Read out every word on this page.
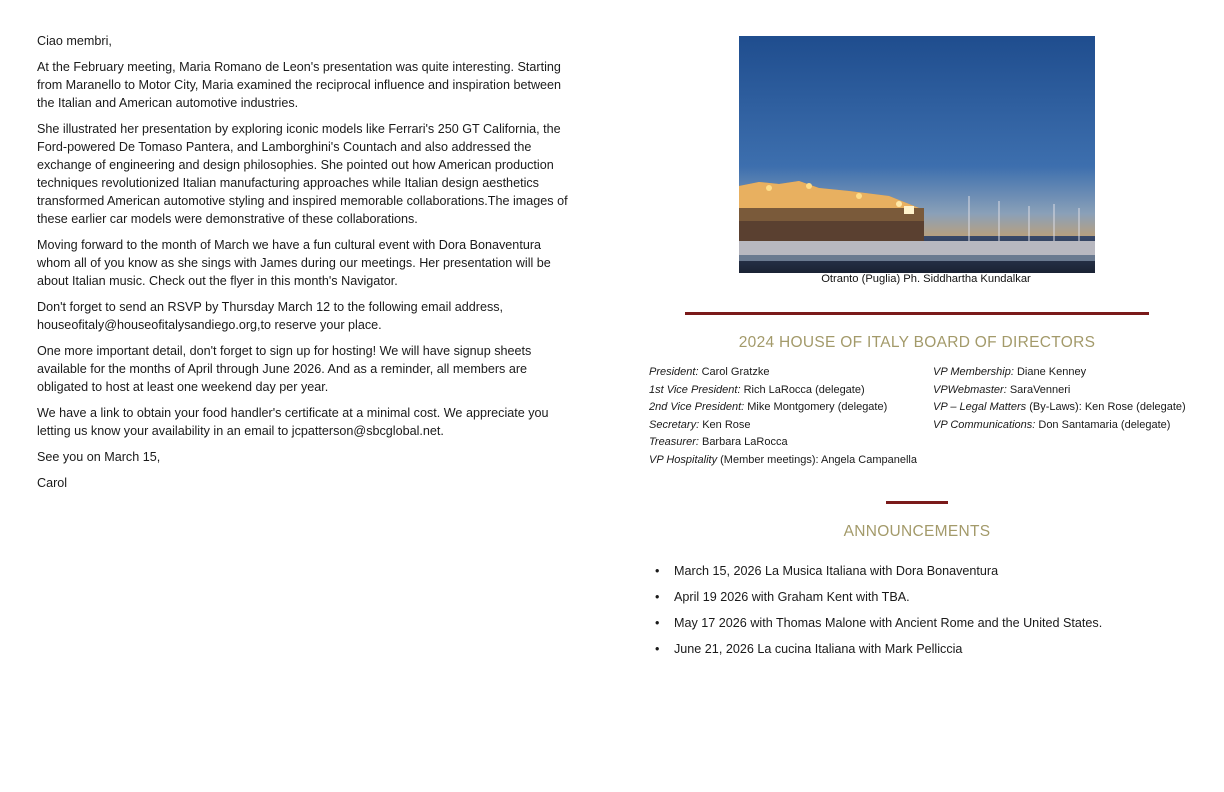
Ciao membri,

At the February meeting, Maria Romano de Leon's presentation was quite interesting. Starting from Maranello to Motor City, Maria examined the reciprocal influence and inspiration between the Italian and American automotive industries.

She illustrated her presentation by exploring iconic models like Ferrari's 250 GT California, the Ford-powered De Tomaso Pantera, and Lamborghini's Countach and also addressed the exchange of engineering and design philosophies. She pointed out how American production techniques revolutionized Italian manufacturing approaches while Italian design aesthetics transformed American automotive styling and inspired memorable collaborations.The images of these earlier car models were demonstrative of these collaborations.

Moving forward to the month of March we have a fun cultural event with Dora Bonaventura whom all of you know as she sings with James during our meetings. Her presentation will be about Italian music. Check out the flyer in this month's Navigator.

Don't forget to send an RSVP by Thursday March 12 to the following email address, houseofitaly@houseofitalysandiego.org,to reserve your place.

One more important detail, don't forget to sign up for hosting! We will have signup sheets available for the months of April through June 2026. And as a reminder, all members are obligated to host at least one weekend day per year.

We have a link to obtain your food handler's certificate at a minimal cost. We appreciate you letting us know your availability in an email to jcpatterson@sbcglobal.net.

See you on March 15,

Carol

Otranto (Puglia) Ph. Siddhartha Kundalkar
2024 HOUSE OF ITALY BOARD OF DIRECTORS
President: Carol Gratzke
1st Vice President: Rich LaRocca (delegate)
2nd Vice President: Mike Montgomery (delegate)
Secretary: Ken Rose
Treasurer: Barbara LaRocca
VP Hospitality (Member meetings): Angela Campanella
VP Membership: Diane Kenney
VPWebmaster: SaraVenneri
VP – Legal Matters (By-Laws): Ken Rose (delegate)
VP Communications: Don Santamaria (delegate)
ANNOUNCEMENTS
• March 15, 2026 La Musica Italiana with Dora Bonaventura
• April 19 2026 with Graham Kent with TBA.
• May 17 2026 with Thomas Malone with Ancient Rome and the United States.
• June 21, 2026 La cucina Italiana with Mark Pelliccia
